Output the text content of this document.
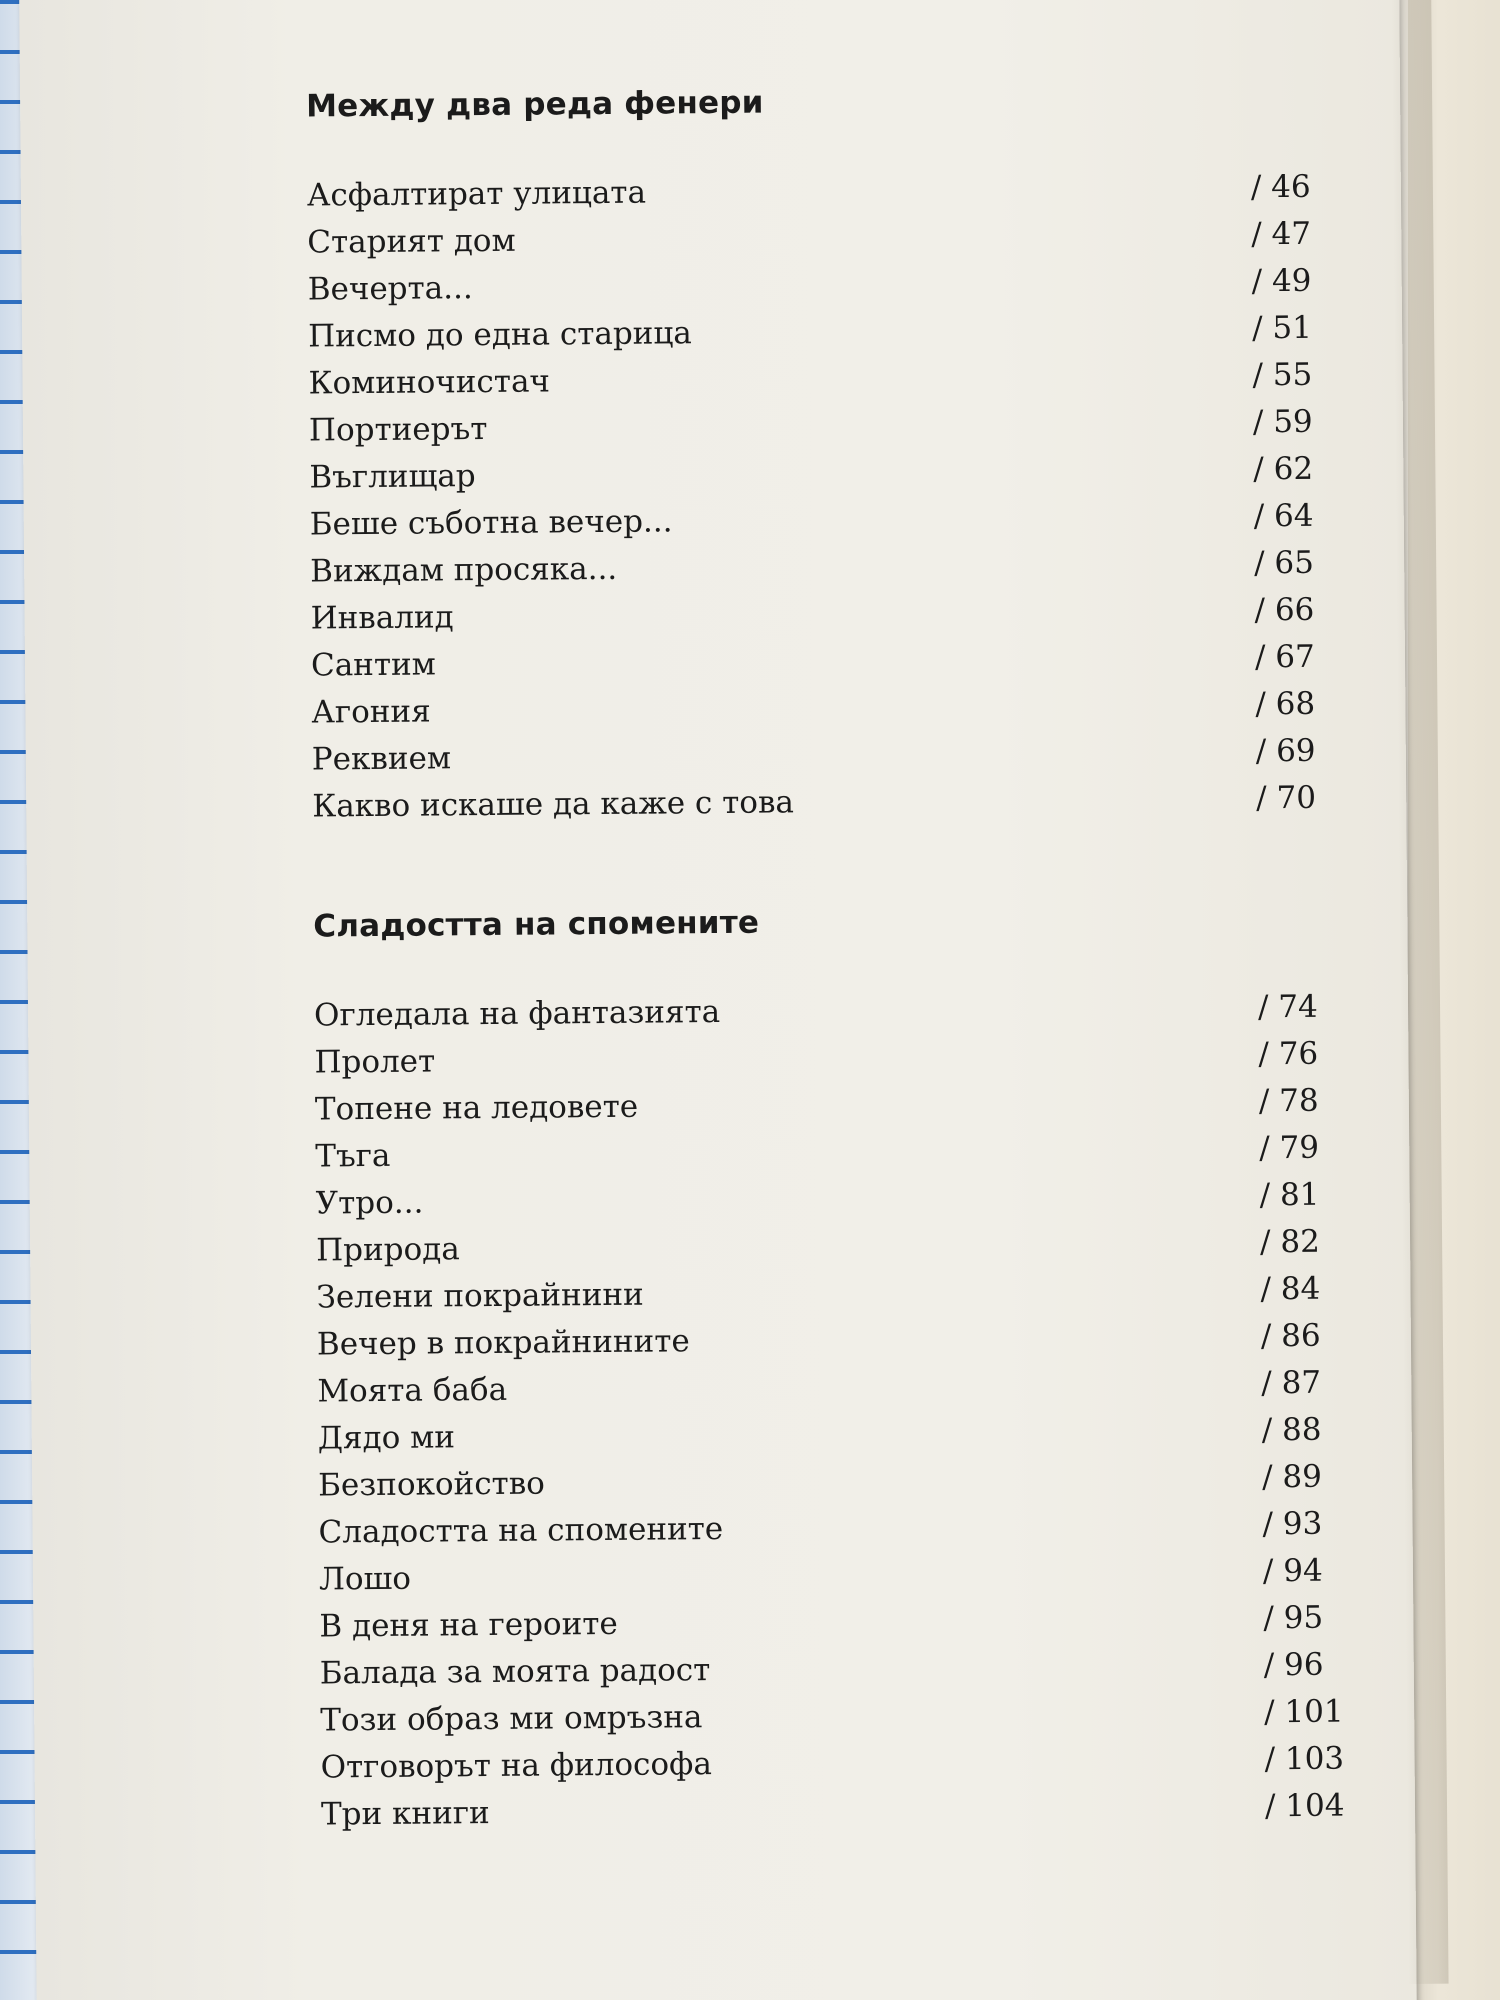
Между два реда фенери
Асфалтират улицата	/ 46
Старият дом	/ 47
Вечерта...	/ 49
Писмо до една старица	/ 51
Коминочистач	/ 55
Портиерът	/ 59
Въглищар	/ 62
Беше съботна вечер...	/ 64
Виждам просяка...	/ 65
Инвалид	/ 66
Сантим	/ 67
Агония	/ 68
Реквием	/ 69
Какво искаше да каже с това	/ 70
Сладостта на спомените
Огледала на фантазията	/ 74
Пролет	/ 76
Топене на ледовете	/ 78
Тъга	/ 79
Утро...	/ 81
Природа	/ 82
Зелени покрайнини	/ 84
Вечер в покрайнините	/ 86
Моята баба	/ 87
Дядо ми	/ 88
Безпокойство	/ 89
Сладостта на спомените	/ 93
Лошо	/ 94
В деня на героите	/ 95
Балада за моята радост	/ 96
Този образ ми омръзна	/ 101
Отговорът на философа	/ 103
Три книги	/ 104
